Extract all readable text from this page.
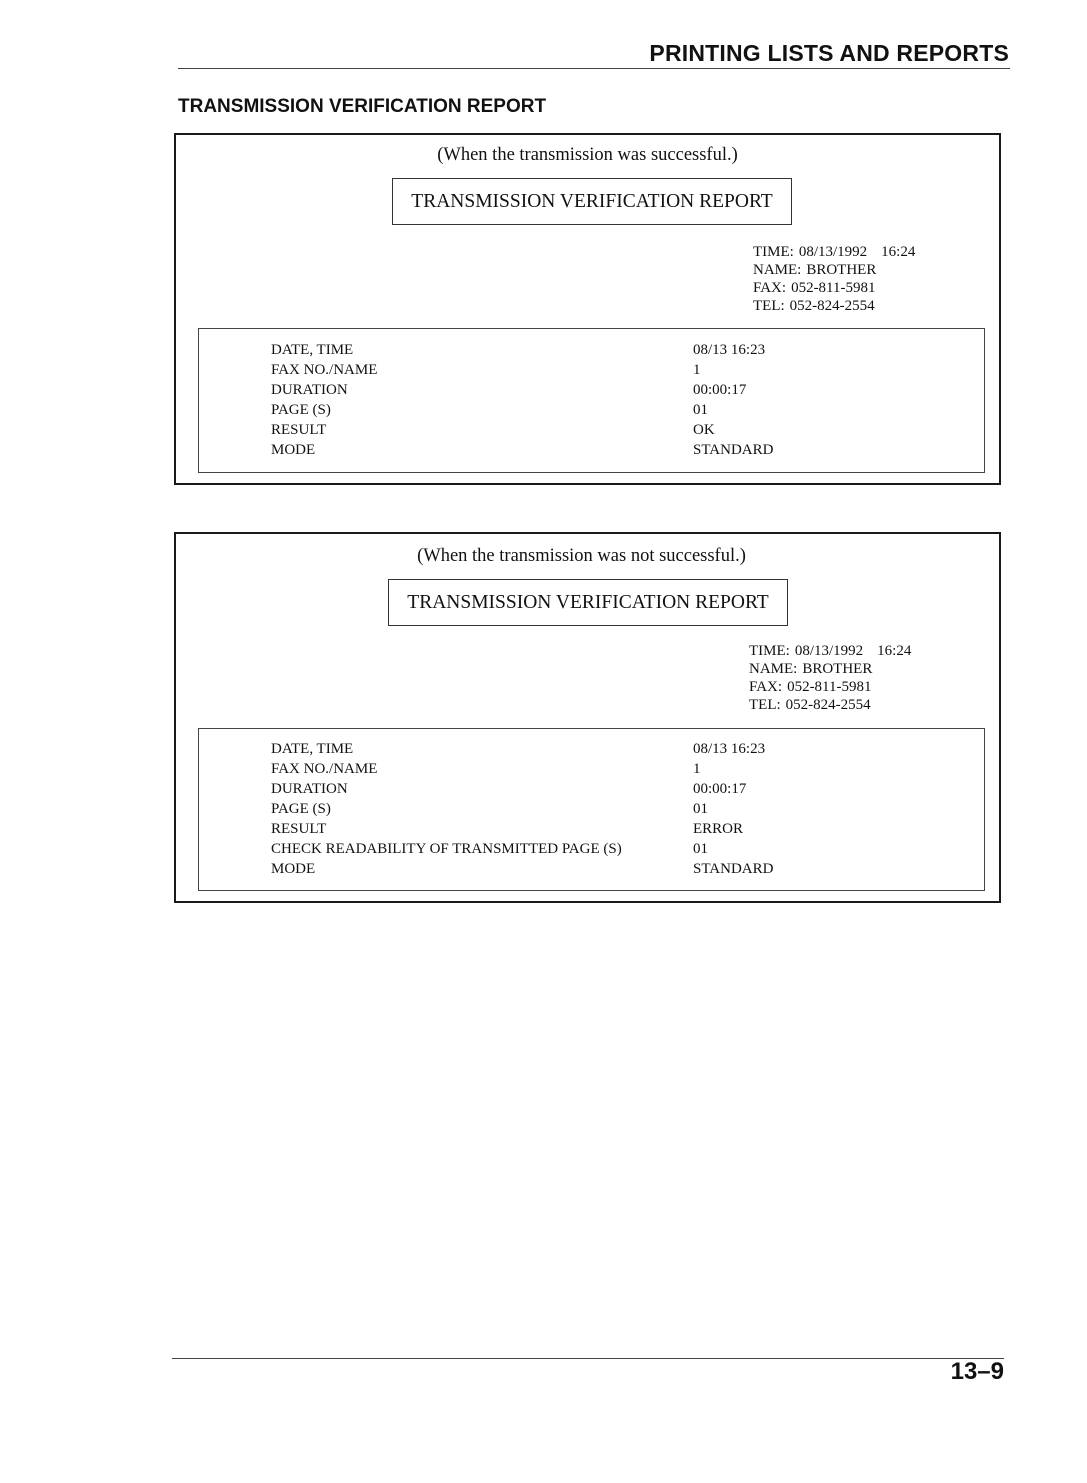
PRINTING LISTS AND REPORTS
TRANSMISSION VERIFICATION REPORT
(When the transmission was successful.)
TRANSMISSION VERIFICATION REPORT
TIME: 08/13/1992 16:24
NAME: BROTHER
FAX: 052-811-5981
TEL: 052-824-2554
DATE, TIME	08/13 16:23
FAX NO./NAME	1
DURATION	00:00:17
PAGE (S)	01
RESULT	OK
MODE	STANDARD
(When the transmission was not successful.)
TRANSMISSION VERIFICATION REPORT
TIME: 08/13/1992 16:24
NAME: BROTHER
FAX: 052-811-5981
TEL: 052-824-2554
DATE, TIME	08/13 16:23
FAX NO./NAME	1
DURATION	00:00:17
PAGE (S)	01
RESULT	ERROR
CHECK READABILITY OF TRANSMITTED PAGE (S)	01
MODE	STANDARD
13–9
